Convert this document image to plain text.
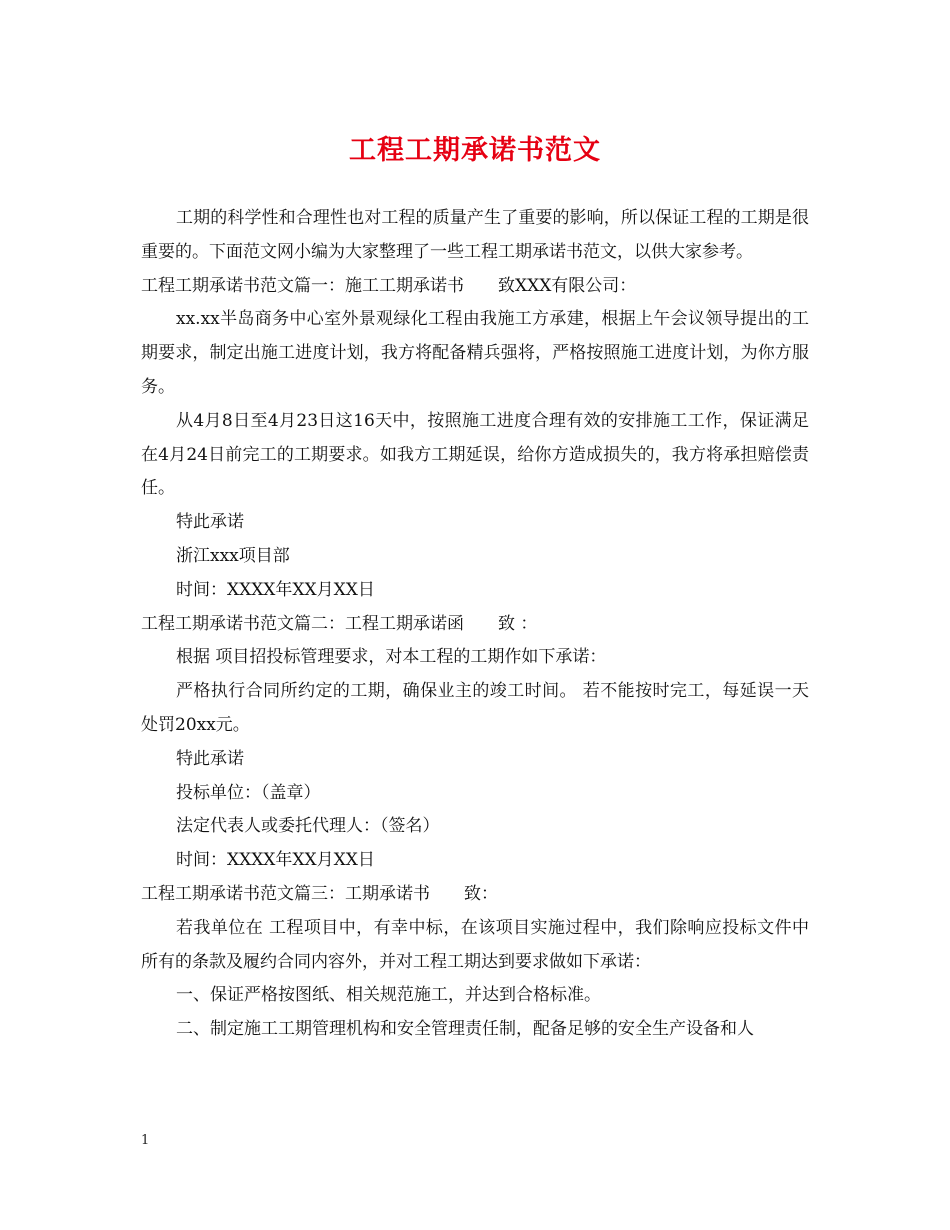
工程工期承诺书范文

工期的科学性和合理性也对工程的质量产生了重要的影响，所以保证工程的工期是很重要的。下面范文网小编为大家整理了一些工程工期承诺书范文，以供大家参考。

工程工期承诺书范文篇一：施工工期承诺书　　致XXX有限公司：

xx.xx半岛商务中心室外景观绿化工程由我施工方承建，根据上午会议领导提出的工期要求，制定出施工进度计划，我方将配备精兵强将，严格按照施工进度计划，为你方服务。

从4月8日至4月23日这16天中，按照施工进度合理有效的安排施工工作，保证满足在4月24日前完工的工期要求。如我方工期延误，给你方造成损失的，我方将承担赔偿责任。

特此承诺

浙江xxx项目部

时间：XXXX年XX月XX日

工程工期承诺书范文篇二：工程工期承诺函　　致 ：

根据 项目招投标管理要求，对本工程的工期作如下承诺：

严格执行合同所约定的工期，确保业主的竣工时间。 若不能按时完工，每延误一天处罚20xx元。

特此承诺

投标单位：（盖章）

法定代表人或委托代理人：（签名）

时间：XXXX年XX月XX日

工程工期承诺书范文篇三：工期承诺书　　致：

若我单位在 工程项目中，有幸中标，在该项目实施过程中，我们除响应投标文件中所有的条款及履约合同内容外，并对工程工期达到要求做如下承诺：

一、保证严格按图纸、相关规范施工，并达到合格标准。

二、制定施工工期管理机构和安全管理责任制，配备足够的安全生产设备和人

1
